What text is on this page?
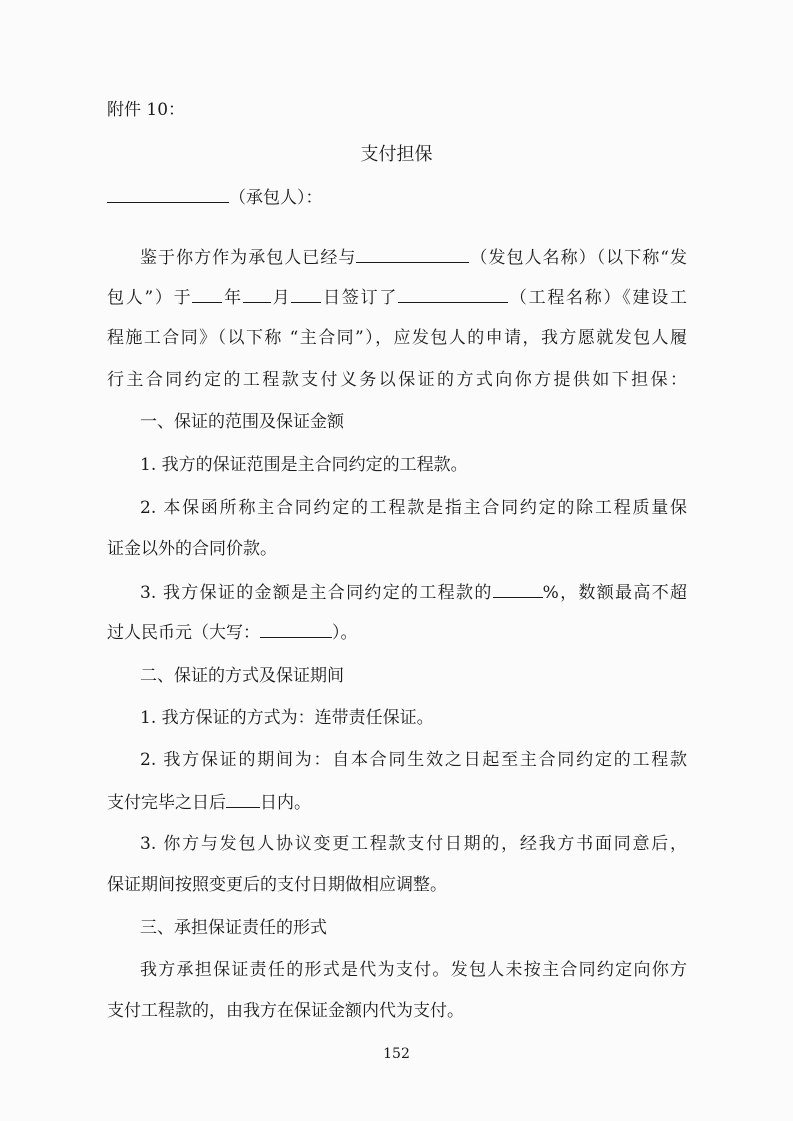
附件 10：
支付担保
（承包人）：
鉴于你方作为承包人已经与	（发包人名称）（以下称“发
包人”）于 年 月 日签订了	（工程名称）《建设工
程施工合同》（以下称 “主合同”），应发包人的申请，我方愿就发包人履
行主合同约定的工程款支付义务以保证的方式向你方提供如下担保：
一、保证的范围及保证金额
1. 我方的保证范围是主合同约定的工程款。
2. 本保函所称主合同约定的工程款是指主合同约定的除工程质量保
证金以外的合同价款。
3. 我方保证的金额是主合同约定的工程款的	%，数额最高不超
过人民币元（大写：	）。
二、保证的方式及保证期间
1. 我方保证的方式为：连带责任保证。
2. 我方保证的期间为：自本合同生效之日起至主合同约定的工程款
支付完毕之日后 日内。
3. 你方与发包人协议变更工程款支付日期的，经我方书面同意后，
保证期间按照变更后的支付日期做相应调整。
三、承担保证责任的形式
我方承担保证责任的形式是代为支付。发包人未按主合同约定向你方
支付工程款的，由我方在保证金额内代为支付。
152
